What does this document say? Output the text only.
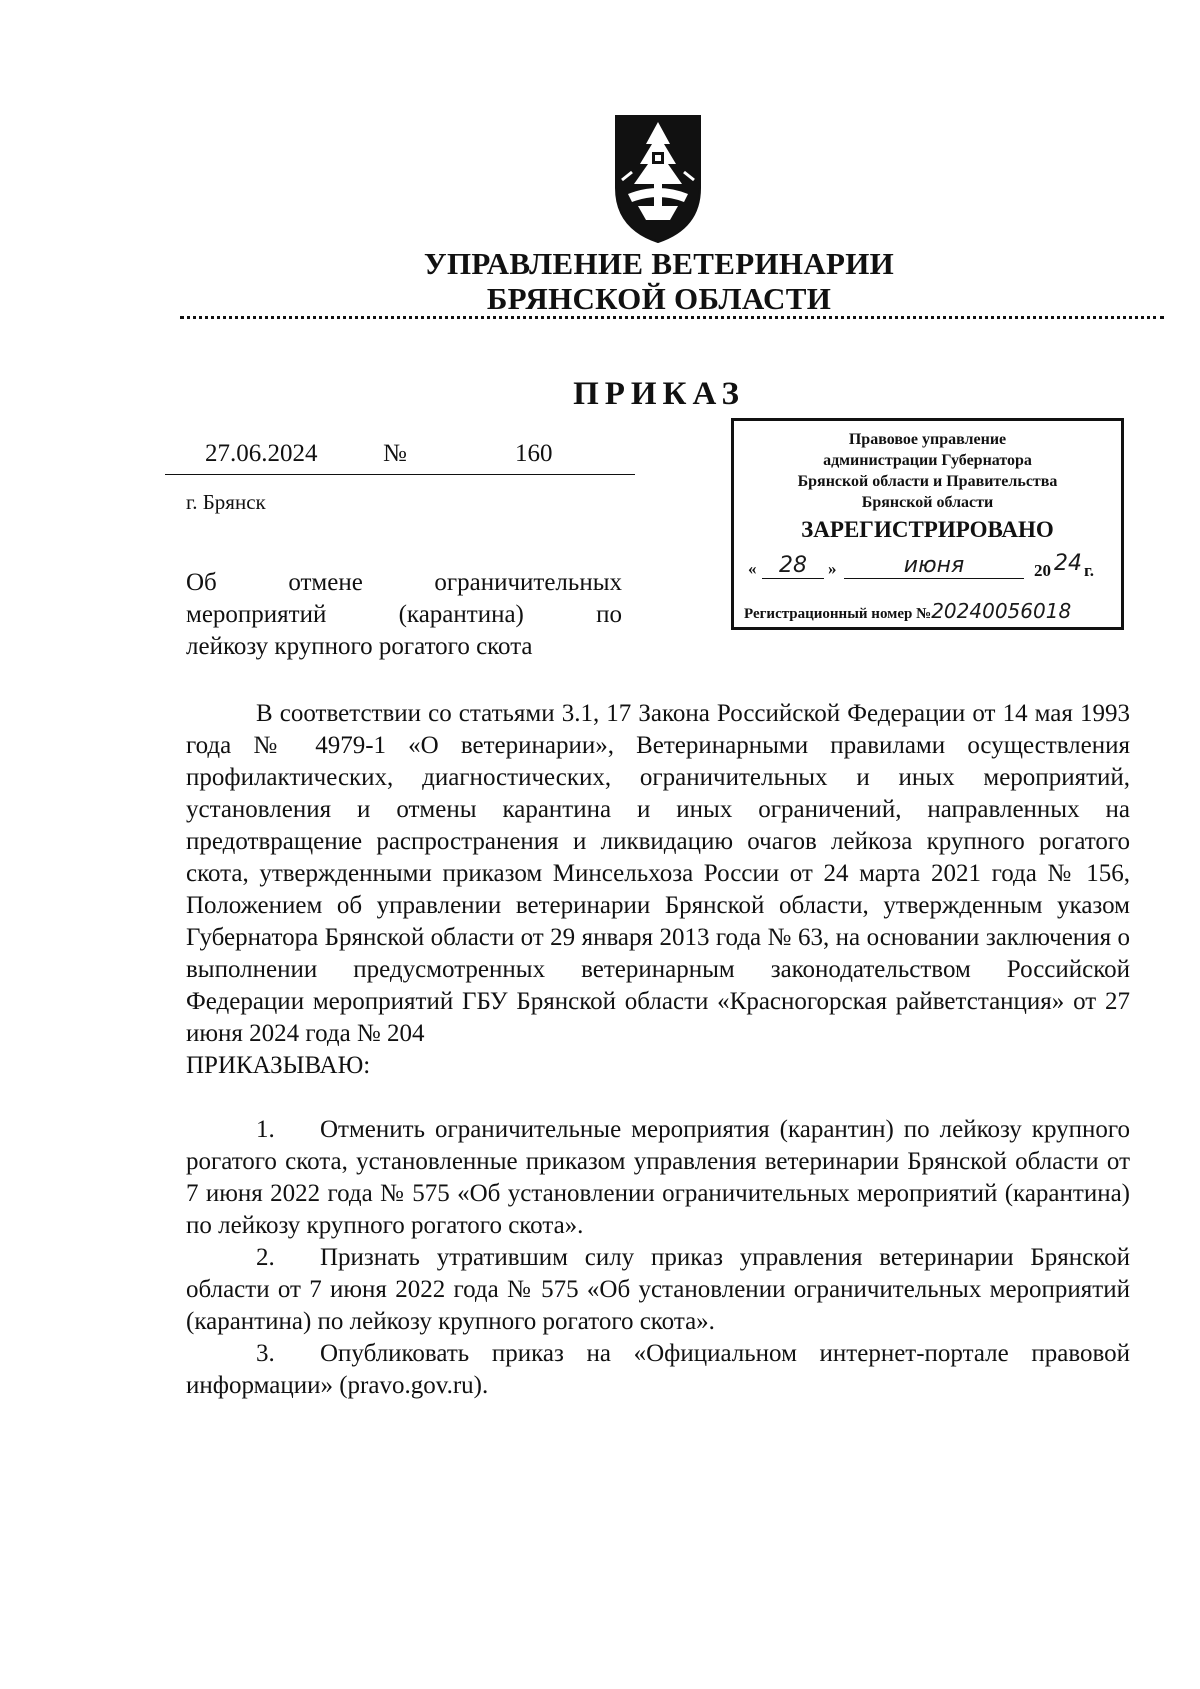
УПРАВЛЕНИЕ ВЕТЕРИНАРИИ
БРЯНСКОЙ ОБЛАСТИ
ПРИКАЗ
27.06.2024	№	160
г. Брянск
Об отмене ограничительных
мероприятий (карантина) по
лейкозу крупного рогатого скота
Правовое управление
администрации Губернатора
Брянской области и Правительства
Брянской области
ЗАРЕГИСТРИРОВАНО
«	28	»	июня	20 24 г.
Регистрационный номер №20240056018

В соответствии со статьями 3.1, 17 Закона Российской Федерации от 14 мая 1993 года № 4979-1 «О ветеринарии», Ветеринарными правилами осуществления профилактических, диагностических, ограничительных и иных мероприятий, установления и отмены карантина и иных ограничений, направленных на предотвращение распространения и ликвидацию очагов лейкоза крупного рогатого скота, утвержденными приказом Минсельхоза России от 24 марта 2021 года № 156, Положением об управлении ветеринарии Брянской области, утвержденным указом Губернатора Брянской области от 29 января 2013 года № 63, на основании заключения о выполнении предусмотренных ветеринарным законодательством Российской Федерации мероприятий ГБУ Брянской области «Красногорская райветстанция» от 27 июня 2024 года № 204

ПРИКАЗЫВАЮ:

1. Отменить ограничительные мероприятия (карантин) по лейкозу крупного рогатого скота, установленные приказом управления ветеринарии Брянской области от 7 июня 2022 года № 575 «Об установлении ограничительных мероприятий (карантина) по лейкозу крупного рогатого скота».

2. Признать утратившим силу приказ управления ветеринарии Брянской области от 7 июня 2022 года № 575 «Об установлении ограничительных мероприятий (карантина) по лейкозу крупного рогатого скота».

3. Опубликовать приказ на «Официальном интернет-портале правовой информации» (pravo.gov.ru).
